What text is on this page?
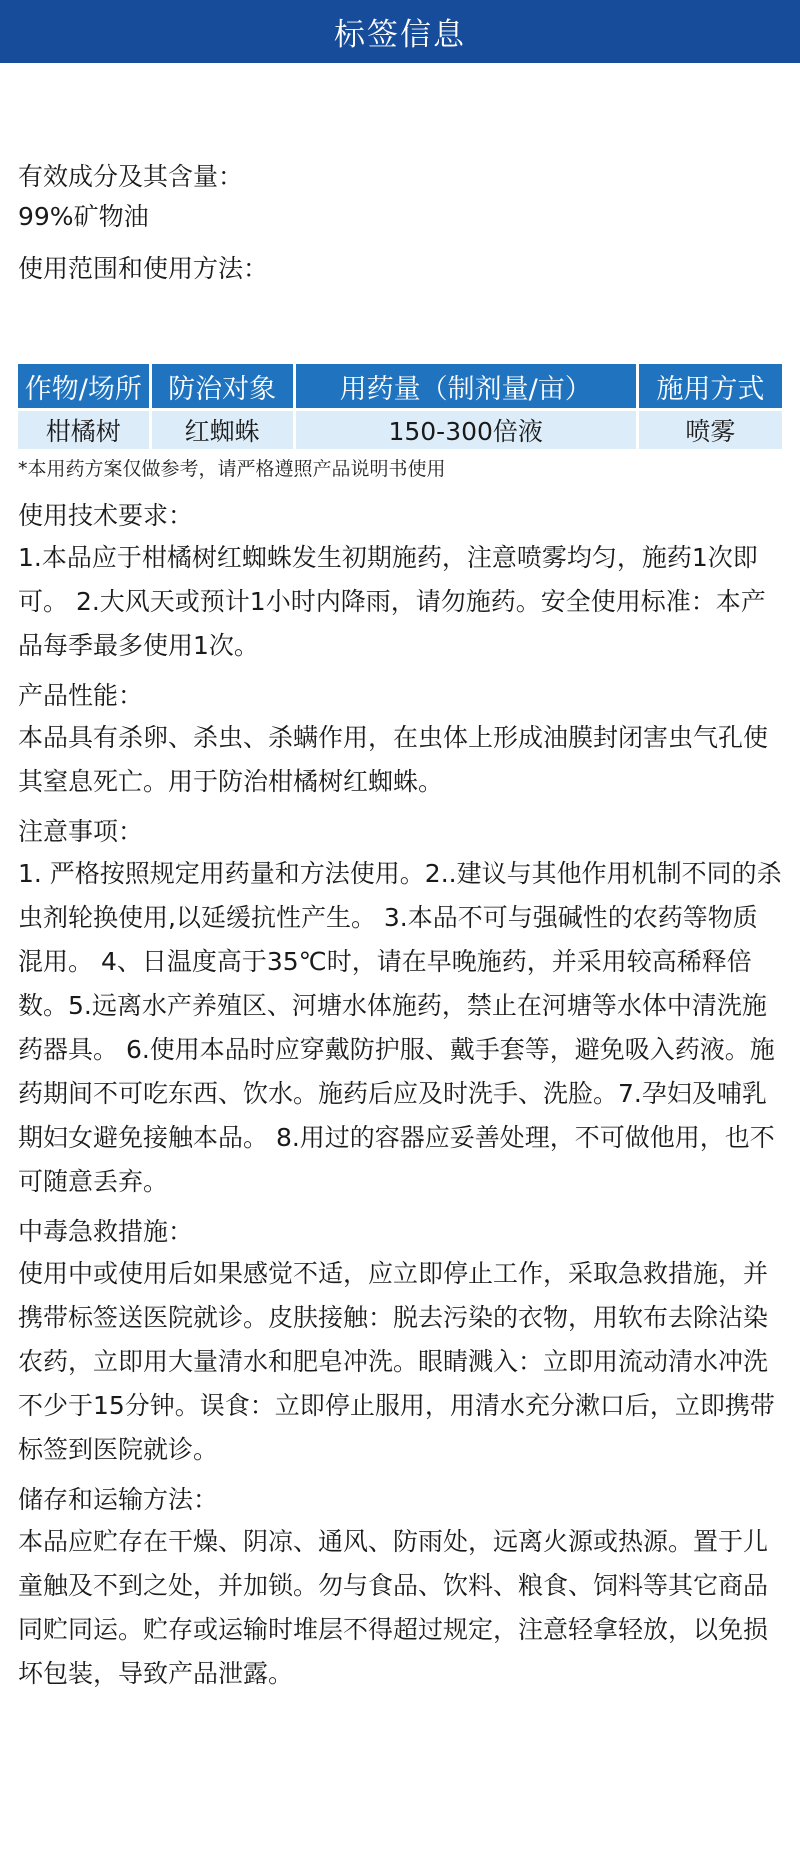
标签信息

有效成分及其含量：

99%矿物油

使用范围和使用方法：

作物/场所	防治对象	用药量（制剂量/亩）	施用方式
柑橘树	红蜘蛛	150-300倍液	喷雾

*本用药方案仅做参考，请严格遵照产品说明书使用

使用技术要求：

1.本品应于柑橘树红蜘蛛发生初期施药，注意喷雾均匀，施药1次即可。 2.大风天或预计1小时内降雨，请勿施药。安全使用标准：本产品每季最多使用1次。

产品性能：

本品具有杀卵、杀虫、杀螨作用，在虫体上形成油膜封闭害虫气孔使其窒息死亡。用于防治柑橘树红蜘蛛。

注意事项：

1. 严格按照规定用药量和方法使用。2..建议与其他作用机制不同的杀虫剂轮换使用,以延缓抗性产生。 3.本品不可与强碱性的农药等物质混用。 4、日温度高于35℃时，请在早晚施药，并采用较高稀释倍数。5.远离水产养殖区、河塘水体施药，禁止在河塘等水体中清洗施药器具。 6.使用本品时应穿戴防护服、戴手套等，避免吸入药液。施药期间不可吃东西、饮水。施药后应及时洗手、洗脸。7.孕妇及哺乳期妇女避免接触本品。 8.用过的容器应妥善处理，不可做他用，也不可随意丢弃。

中毒急救措施：

使用中或使用后如果感觉不适，应立即停止工作，采取急救措施，并携带标签送医院就诊。皮肤接触：脱去污染的衣物，用软布去除沾染农药，立即用大量清水和肥皂冲洗。眼睛溅入：立即用流动清水冲洗不少于15分钟。误食：立即停止服用，用清水充分漱口后，立即携带标签到医院就诊。

储存和运输方法：

本品应贮存在干燥、阴凉、通风、防雨处，远离火源或热源。置于儿童触及不到之处，并加锁。勿与食品、饮料、粮食、饲料等其它商品同贮同运。贮存或运输时堆层不得超过规定，注意轻拿轻放，以免损坏包装，导致产品泄露。
